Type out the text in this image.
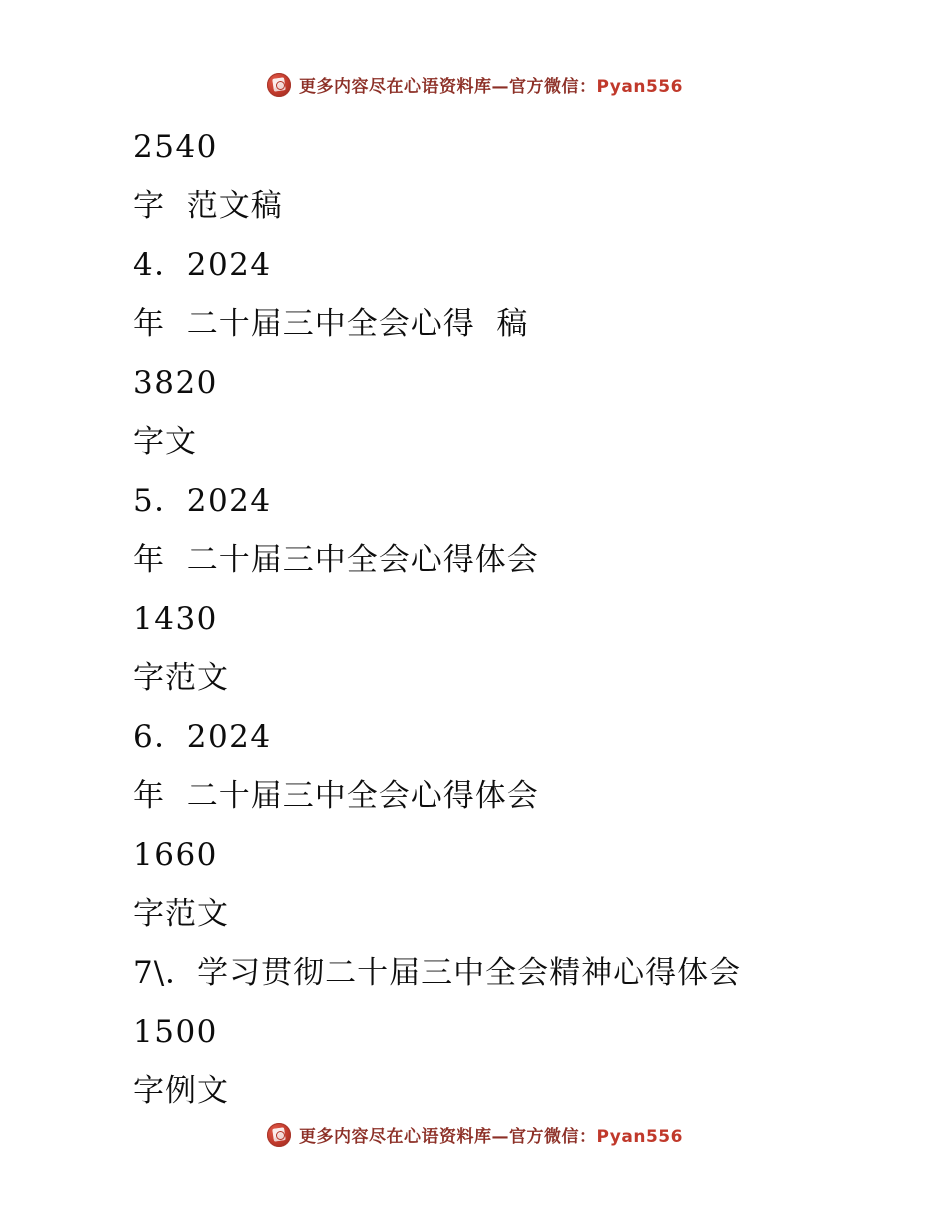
更多内容尽在心语资料库—官方微信：Pyan556
2540
字  范文稿
4．2024
年  二十届三中全会心得  稿
3820
字文
5．2024
年  二十届三中全会心得体会
1430
字范文
6．2024
年  二十届三中全会心得体会
1660
字范文
7\．学习贯彻二十届三中全会精神心得体会
1500
字例文
更多内容尽在心语资料库—官方微信：Pyan556
